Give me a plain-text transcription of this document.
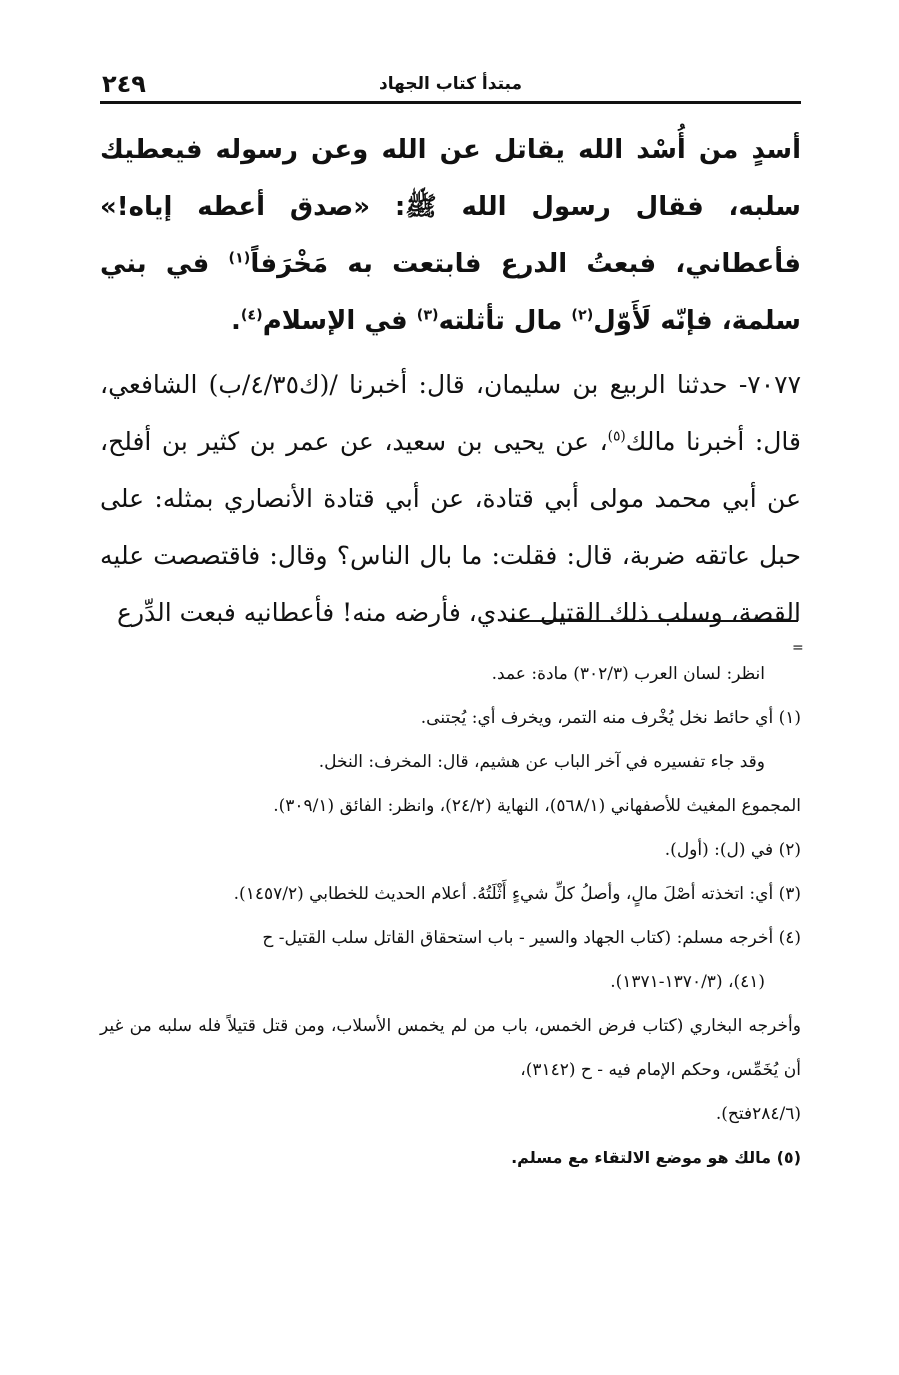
٢٤٩	مبتدأ كتاب الجهاد

أسدٍ من أُسْد الله يقاتل عن الله وعن رسوله فيعطيك سلبه، فقال رسول الله ﷺ: «صدق أعطه إياه!» فأعطاني، فبعتُ الدرع فابتعت به مَخْرَفاً$^{(١)}$ في بني سلمة، فإنّه لَأَوّل$^{(٢)}$ مال تأثلته$^{(٣)}$ في الإسلام$^{(٤)}$.

٧٠٧٧- حدثنا الربيع بن سليمان، قال: أخبرنا /(ك٤/٣٥/ب) الشافعي، قال: أخبرنا مالك$^{(٥)}$، عن يحيى بن سعيد، عن عمر بن كثير بن أفلح، عن أبي محمد مولى أبي قتادة، عن أبي قتادة الأنصاري بمثله: على حبل عاتقه ضربة، قال: فقلت: ما بال الناس؟ وقال: فاقتصصت عليه القصة، وسلب ذلك القتيل عندي، فأرضه منه! فأعطانيه فبعت الدِّرع

=

انظر: لسان العرب (٣٠٢/٣) مادة: عمد.

(١) أي حائط نخل يُخْرف منه التمر، ويخرف أي: يُجتنى.

وقد جاء تفسيره في آخر الباب عن هشيم، قال: المخرف: النخل.

المجموع المغيث للأصفهاني (٥٦٨/١)، النهاية (٢٤/٢)، وانظر: الفائق (٣٠٩/١).

(٢) في (ل): (أول).

(٣) أي: اتخذته أصْلَ مالٍ، وأصلُ كلِّ شيءٍ أَثْلَتُهُ. أعلام الحديث للخطابي (١٤٥٧/٢).

(٤) أخرجه مسلم: (كتاب الجهاد والسير - باب استحقاق القاتل سلب القتيل- ح

(٤١)، (١٣٧٠/٣-١٣٧١).

وأخرجه البخاري (كتاب فرض الخمس، باب من لم يخمس الأسلاب، ومن قتل قتيلاً فله سلبه من غير أن يُخَمِّس، وحكم الإمام فيه - ح (٣١٤٢)،

(٢٨٤/٦فتح).

(٥) مالك هو موضع الالتقاء مع مسلم.
